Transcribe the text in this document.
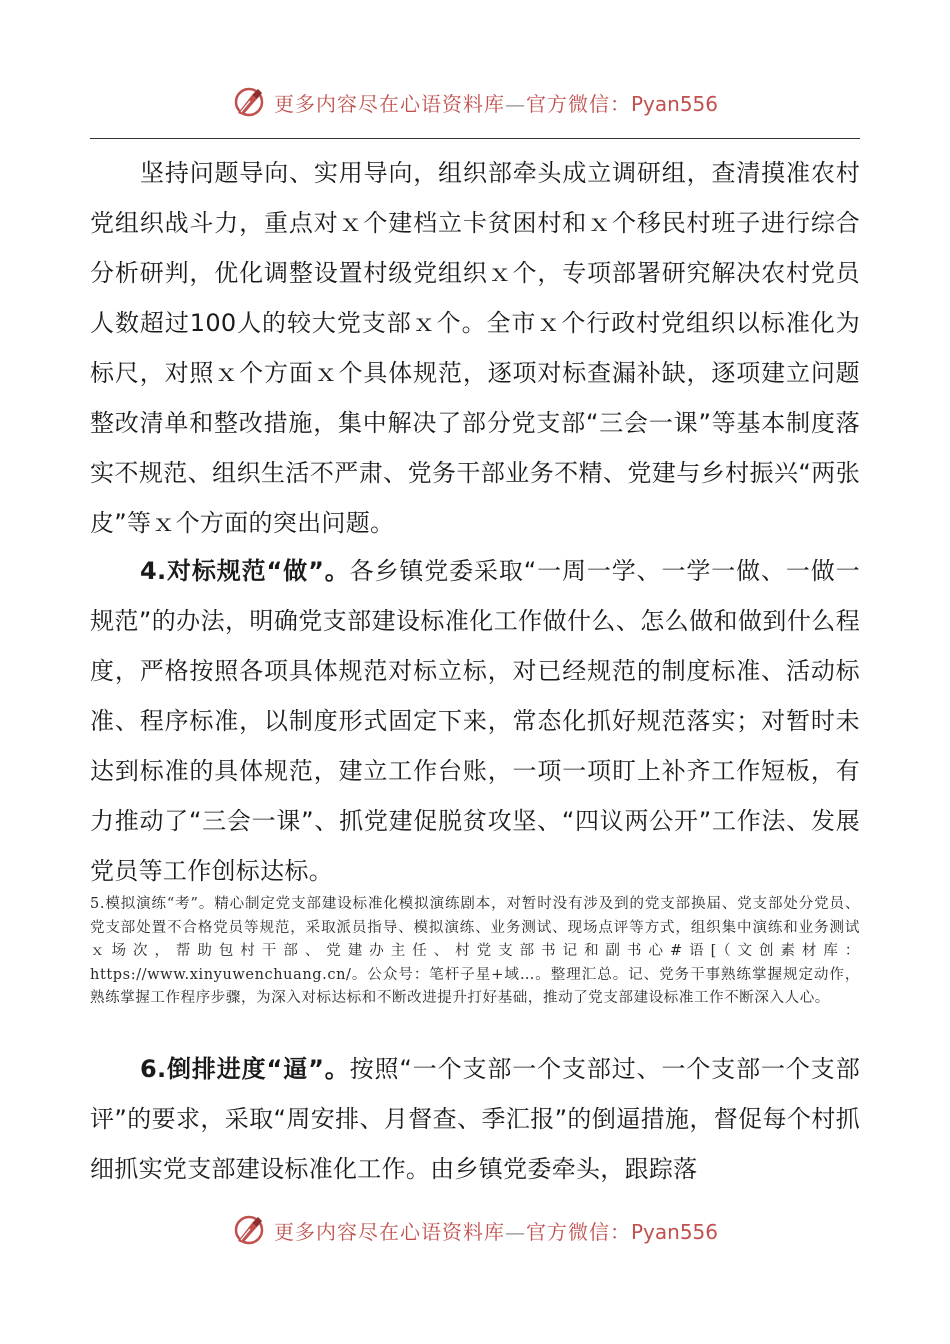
更多内容尽在心语资料库—官方微信：Pyan556

坚持问题导向、实用导向，组织部牵头成立调研组，查清摸准农村党组织战斗力，重点对ｘ个建档立卡贫困村和ｘ个移民村班子进行综合分析研判，优化调整设置村级党组织ｘ个，专项部署研究解决农村党员人数超过100人的较大党支部ｘ个。全市ｘ个行政村党组织以标准化为标尺，对照ｘ个方面ｘ个具体规范，逐项对标查漏补缺，逐项建立问题整改清单和整改措施，集中解决了部分党支部“三会一课”等基本制度落实不规范、组织生活不严肃、党务干部业务不精、党建与乡村振兴“两张皮”等ｘ个方面的突出问题。

4.对标规范“做”。各乡镇党委采取“一周一学、一学一做、一做一规范”的办法，明确党支部建设标准化工作做什么、怎么做和做到什么程度，严格按照各项具体规范对标立标，对已经规范的制度标准、活动标准、程序标准，以制度形式固定下来，常态化抓好规范落实；对暂时未达到标准的具体规范，建立工作台账，一项一项盯上补齐工作短板，有力推动了“三会一课”、抓党建促脱贫攻坚、“四议两公开”工作法、发展党员等工作创标达标。

5.模拟演练“考”。精心制定党支部建设标准化模拟演练剧本，对暂时没有涉及到的党支部换届、党支部处分党员、党支部处置不合格党员等规范，采取派员指导、模拟演练、业务测试、现场点评等方式，组织集中演练和业务测试ｘ场次，帮助包村干部、党建办主任、村党支部书记和副书心#语[（文创素材库：https://www.xinyuwenchuang.cn/。公众号：笔杆子星+域…。整理汇总。记、党务干事熟练掌握规定动作，熟练掌握工作程序步骤，为深入对标达标和不断改进提升打好基础，推动了党支部建设标准工作不断深入人心。

6.倒排进度“逼”。按照“一个支部一个支部过、一个支部一个支部评”的要求，采取“周安排、月督查、季汇报”的倒逼措施，督促每个村抓细抓实党支部建设标准化工作。由乡镇党委牵头，跟踪落

更多内容尽在心语资料库—官方微信：Pyan556
